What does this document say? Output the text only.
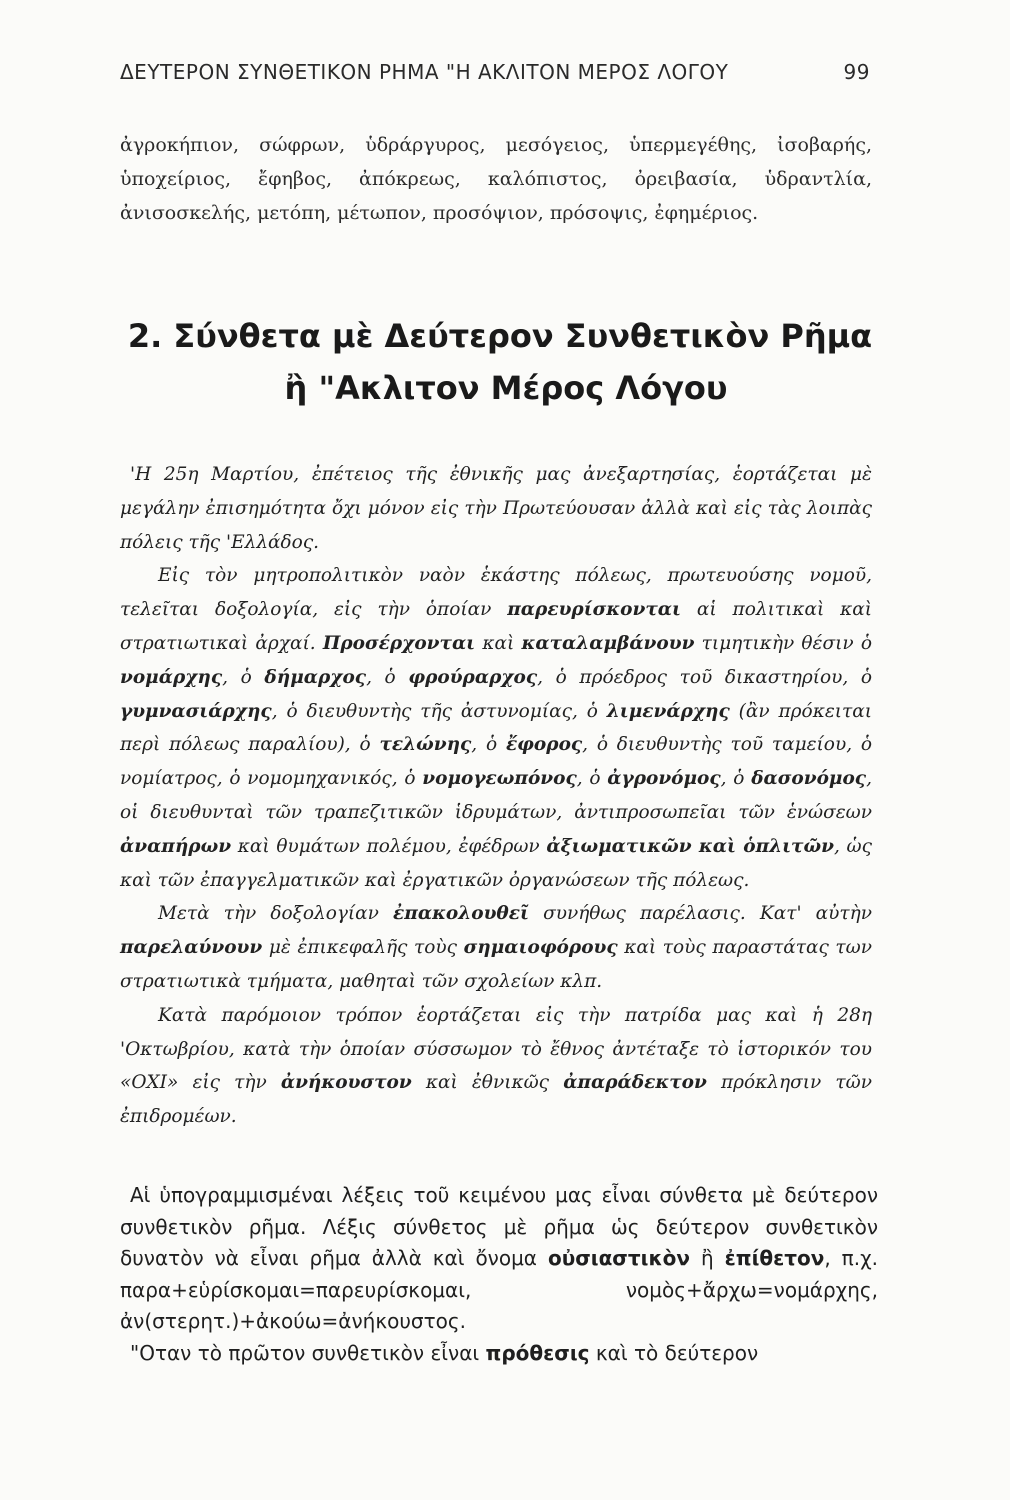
ΔΕΥΤΕΡΟΝ ΣΥΝΘΕΤΙΚΟΝ ΡΗΜΑ "Η ΑΚΛΙΤΟΝ ΜΕΡΟΣ ΛΟΓΟΥ	99
ἀγροκήπιον, σώφρων, ὑδράργυρος, μεσόγειος, ὑπερμεγέθης, ἰσοβαρής, ὑποχείριος, ἔφηβος, ἀπόκρεως, καλόπιστος, ὀρειβασία, ὑδραντλία, ἀνισοσκελής, μετόπη, μέτωπον, προσόψιον, πρόσοψις, ἐφημέριος.
2. Σύνθετα μὲ Δεύτερον Συνθετικὸν Ρῆμα
ἢ "Ακλιτον Μέρος Λόγου

'Η 25η Μαρτίου, ἐπέτειος τῆς ἐθνικῆς μας ἀνεξαρτησίας, ἑορτάζεται μὲ μεγάλην ἐπισημότητα ὄχι μόνον εἰς τὴν Πρωτεύουσαν ἀλλὰ καὶ εἰς τὰς λοιπὰς πόλεις τῆς 'Ελλάδος.

Εἰς τὸν μητροπολιτικὸν ναὸν ἑκάστης πόλεως, πρωτευούσης νομοῦ, τελεῖται δοξολογία, εἰς τὴν ὁποίαν παρευρίσκονται αἱ πολιτικαὶ καὶ στρατιωτικαὶ ἀρχαί. Προσέρχονται καὶ καταλαμβάνουν τιμητικὴν θέσιν ὁ νομάρχης, ὁ δήμαρχος, ὁ φρούραρχος, ὁ πρόεδρος τοῦ δικαστηρίου, ὁ γυμνασιάρχης, ὁ διευθυντὴς τῆς ἀστυνομίας, ὁ λιμενάρχης (ἂν πρόκειται περὶ πόλεως παραλίου), ὁ τελώνης, ὁ ἔφορος, ὁ διευθυντὴς τοῦ ταμείου, ὁ νομίατρος, ὁ νομομηχανικός, ὁ νομογεωπόνος, ὁ ἀγρονόμος, ὁ δασονόμος, οἱ διευθυνταὶ τῶν τραπεζιτικῶν ἱδρυμάτων, ἀντιπροσωπεῖαι τῶν ἑνώσεων ἀναπήρων καὶ θυμάτων πολέμου, ἐφέδρων ἀξιωματικῶν καὶ ὁπλιτῶν, ὡς καὶ τῶν ἐπαγγελματικῶν καὶ ἐργατικῶν ὀργανώσεων τῆς πόλεως.

Μετὰ τὴν δοξολογίαν ἐπακολουθεῖ συνήθως παρέλασις. Κατ' αὐτὴν παρελαύνουν μὲ ἐπικεφαλῆς τοὺς σημαιοφόρους καὶ τοὺς παραστάτας των στρατιωτικὰ τμήματα, μαθηταὶ τῶν σχολείων κλπ.

Κατὰ παρόμοιον τρόπον ἑορτάζεται εἰς τὴν πατρίδα μας καὶ ἡ 28η 'Οκτωβρίου, κατὰ τὴν ὁποίαν σύσσωμον τὸ ἔθνος ἀντέταξε τὸ ἱστορικόν του «ΟΧΙ» εἰς τὴν ἀνήκουστον καὶ ἐθνικῶς ἀπαράδεκτον πρόκλησιν τῶν ἐπιδρομέων.

Αἱ ὑπογραμμισμέναι λέξεις τοῦ κειμένου μας εἶναι σύνθετα μὲ δεύτερον συνθετικὸν ρῆμα. Λέξις σύνθετος μὲ ρῆμα ὡς δεύτερον συνθετικὸν δυνατὸν νὰ εἶναι ρῆμα ἀλλὰ καὶ ὄνομα οὐσιαστικὸν ἢ ἐπίθετον, π.χ. παρα+εὑρίσκομαι=παρευρίσκομαι, νομὸς+ἄρχω=νομάρχης, ἀν(στερητ.)+ἀκούω=ἀνήκουστος.

"Οταν τὸ πρῶτον συνθετικὸν εἶναι πρόθεσις καὶ τὸ δεύτερον
